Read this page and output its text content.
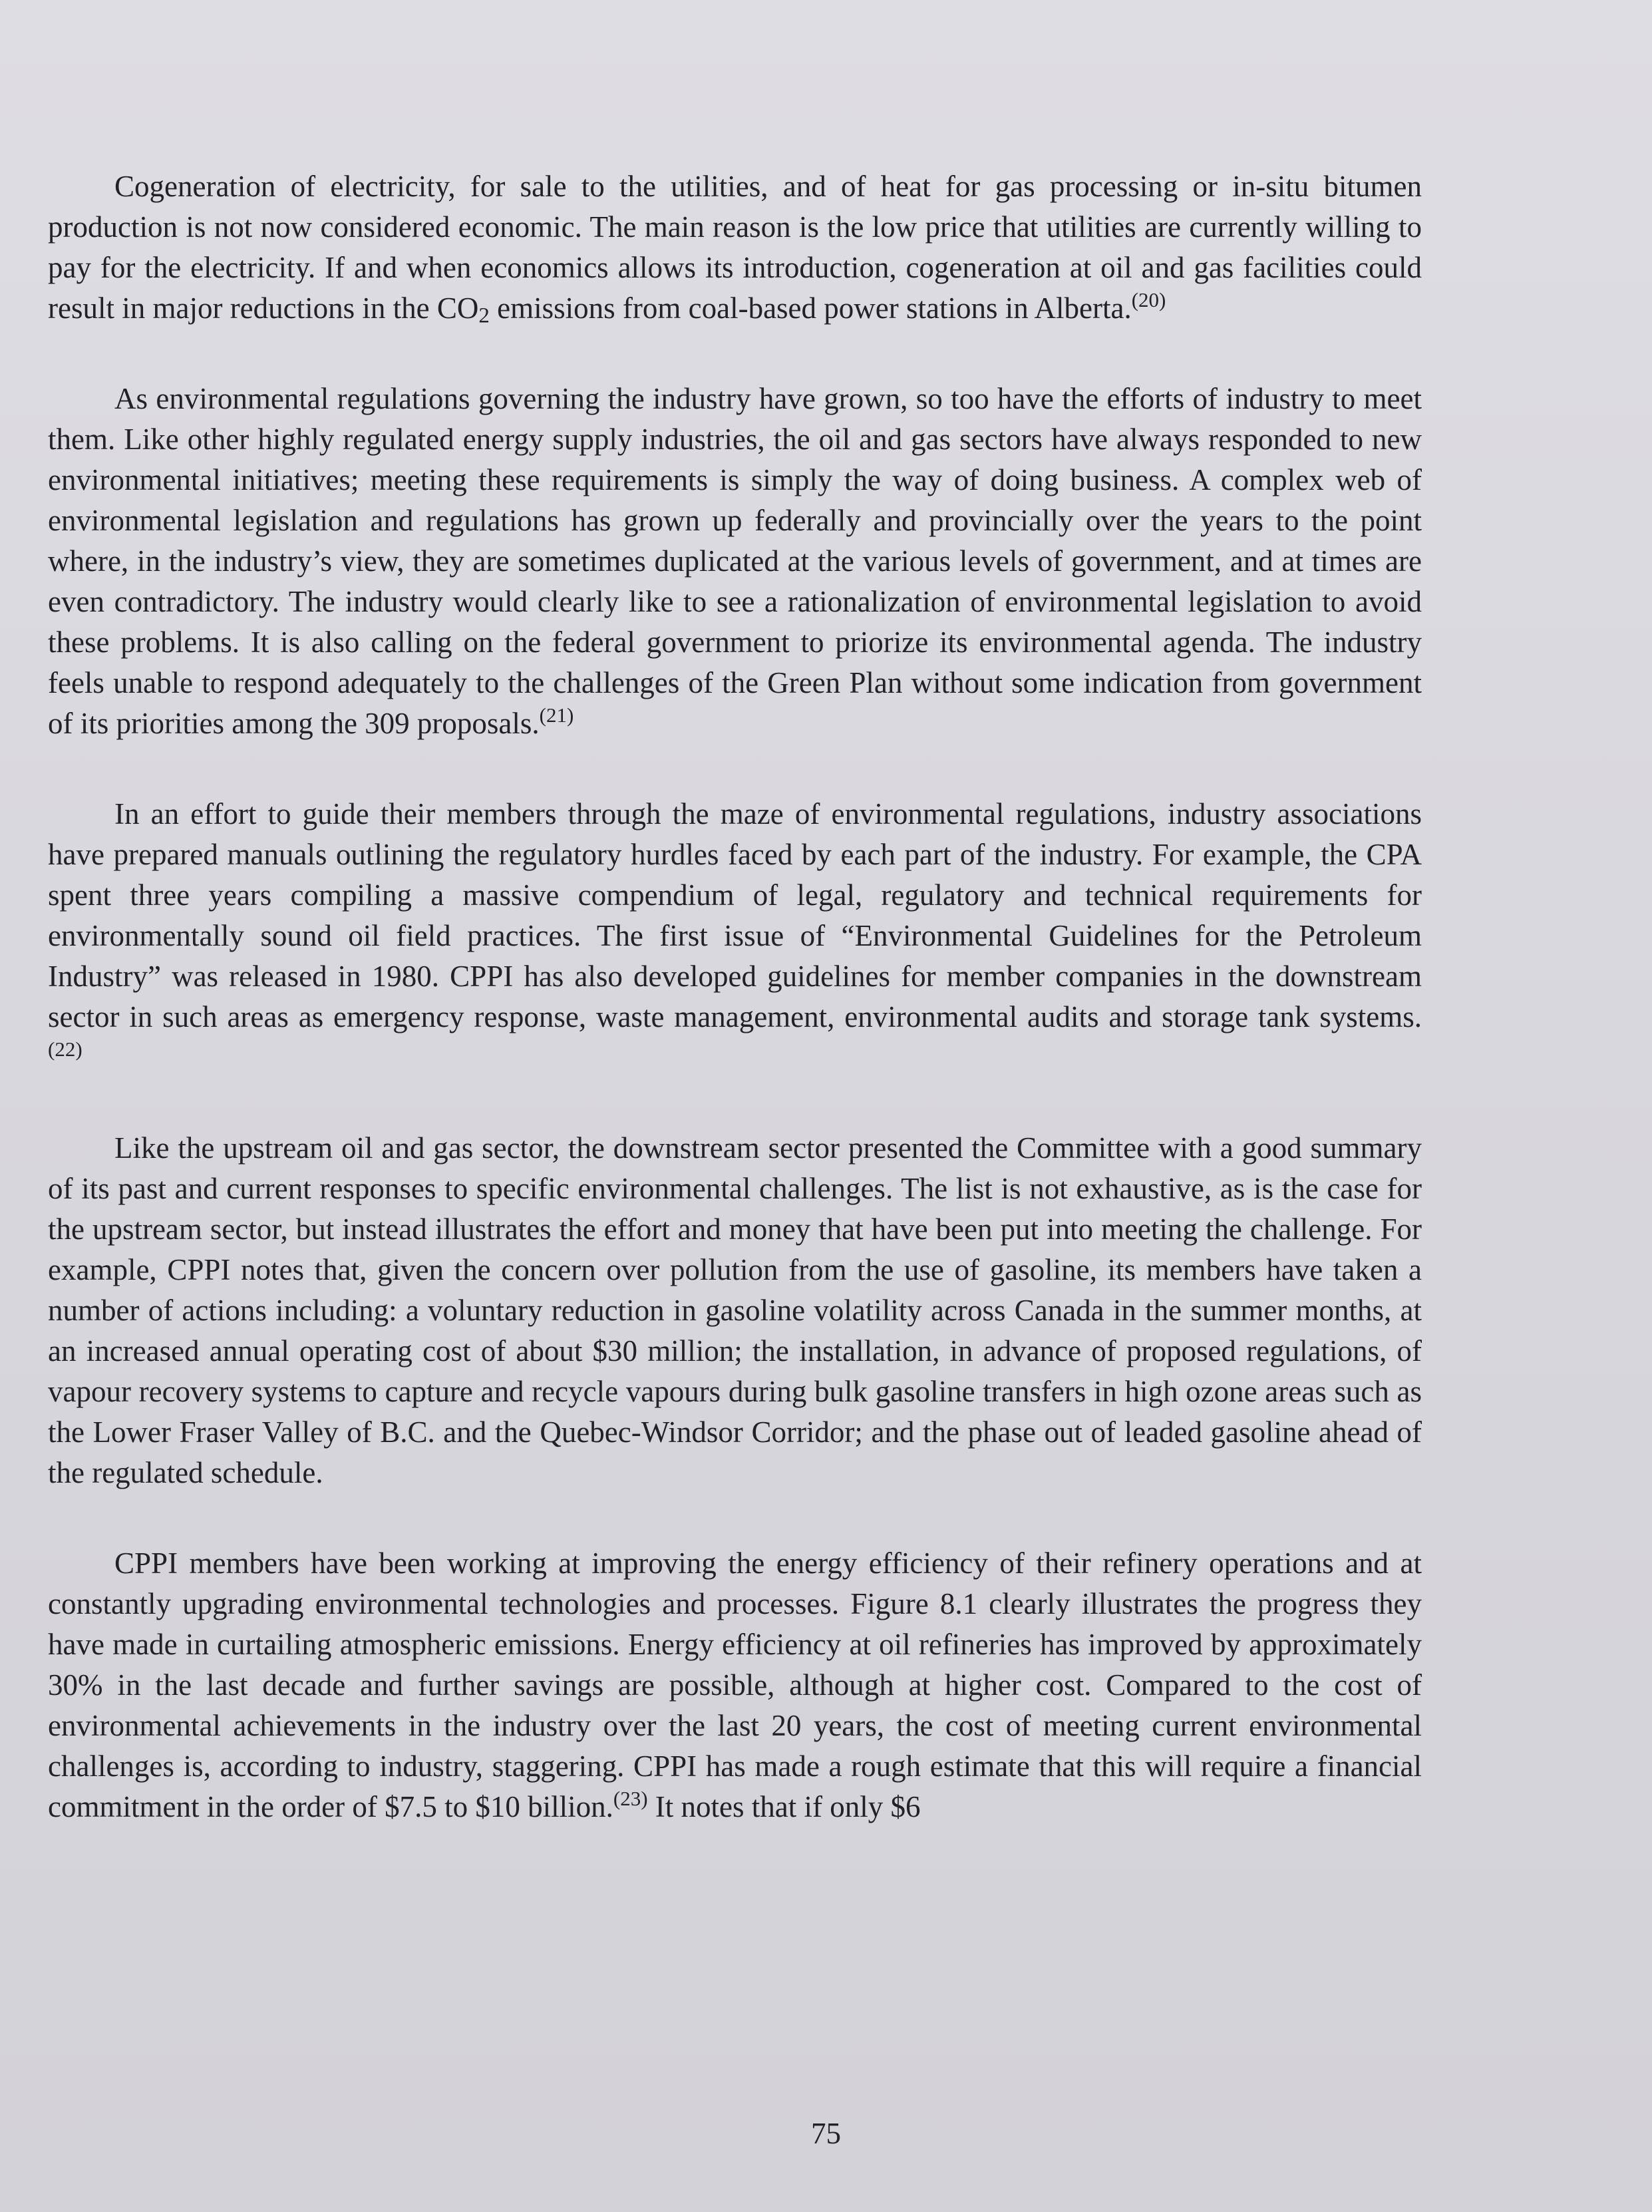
Cogeneration of electricity, for sale to the utilities, and of heat for gas processing or in-situ bitumen production is not now considered economic. The main reason is the low price that utilities are currently willing to pay for the electricity. If and when economics allows its introduction, cogeneration at oil and gas facilities could result in major reductions in the $CO_2$ emissions from coal-based power stations in Alberta.$^{(20)}$

As environmental regulations governing the industry have grown, so too have the efforts of industry to meet them. Like other highly regulated energy supply industries, the oil and gas sectors have always responded to new environmental initiatives; meeting these requirements is simply the way of doing business. A complex web of environmental legislation and regulations has grown up federally and provincially over the years to the point where, in the industry’s view, they are sometimes duplicated at the various levels of government, and at times are even contradictory. The industry would clearly like to see a rationalization of environmental legislation to avoid these problems. It is also calling on the federal government to priorize its environmental agenda. The industry feels unable to respond adequately to the challenges of the Green Plan without some indication from government of its priorities among the 309 proposals.$^{(21)}$

In an effort to guide their members through the maze of environmental regulations, industry associations have prepared manuals outlining the regulatory hurdles faced by each part of the industry. For example, the CPA spent three years compiling a massive compendium of legal, regulatory and technical requirements for environmentally sound oil field practices. The first issue of “Environmental Guidelines for the Petroleum Industry” was released in 1980. CPPI has also developed guidelines for member companies in the downstream sector in such areas as emergency response, waste management, environmental audits and storage tank systems.$^{(22)}$

Like the upstream oil and gas sector, the downstream sector presented the Committee with a good summary of its past and current responses to specific environmental challenges. The list is not exhaustive, as is the case for the upstream sector, but instead illustrates the effort and money that have been put into meeting the challenge. For example, CPPI notes that, given the concern over pollution from the use of gasoline, its members have taken a number of actions including: a voluntary reduction in gasoline volatility across Canada in the summer months, at an increased annual operating cost of about $30 million; the installation, in advance of proposed regulations, of vapour recovery systems to capture and recycle vapours during bulk gasoline transfers in high ozone areas such as the Lower Fraser Valley of B.C. and the Quebec-Windsor Corridor; and the phase out of leaded gasoline ahead of the regulated schedule.

CPPI members have been working at improving the energy efficiency of their refinery operations and at constantly upgrading environmental technologies and processes. Figure 8.1 clearly illustrates the progress they have made in curtailing atmospheric emissions. Energy efficiency at oil refineries has improved by approximately 30% in the last decade and further savings are possible, although at higher cost. Compared to the cost of environmental achievements in the industry over the last 20 years, the cost of meeting current environmental challenges is, according to industry, staggering. CPPI has made a rough estimate that this will require a financial commitment in the order of $7.5 to $10 billion.$^{(23)}$ It notes that if only $6

75
